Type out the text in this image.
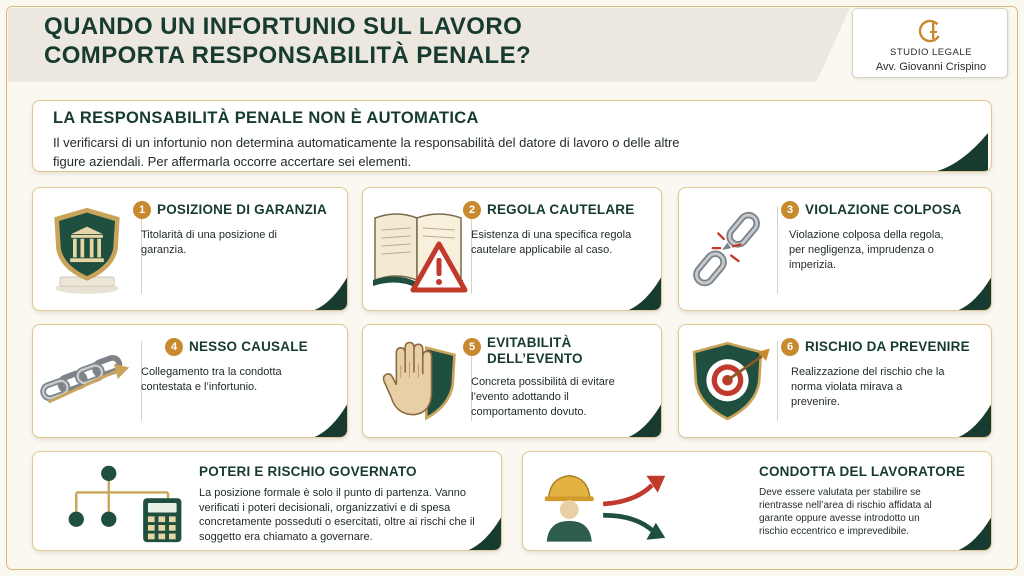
QUANDO UN INFORTUNIO SUL LAVORO
COMPORTA RESPONSABILITÀ PENALE?	STUDIO LEGALE
Avv. Giovanni Crispino
LA RESPONSABILITÀ PENALE NON È AUTOMATICA
Il verificarsi di un infortunio non determina automaticamente la responsabilità del datore di lavoro o delle altre figure aziendali. Per affermarla occorre accertare sei elementi.
1 POSIZIONE DI GARANZIA
Titolarità di una posizione di garanzia.
2 REGOLA CAUTELARE
Esistenza di una specifica regola cautelare applicabile al caso.
3 VIOLAZIONE COLPOSA
Violazione colposa della regola, per negligenza, imprudenza o imperizia.
4 NESSO CAUSALE
Collegamento tra la condotta contestata e l’infortunio.
5 EVITABILITÀ DELL’EVENTO
Concreta possibilità di evitare l’evento adottando il comportamento dovuto.
6 RISCHIO DA PREVENIRE
Realizzazione del rischio che la norma violata mirava a prevenire.
POTERI E RISCHIO GOVERNATO
La posizione formale è solo il punto di partenza. Vanno verificati i poteri decisionali, organizzativi e di spesa concretamente posseduti o esercitati, oltre ai rischi che il soggetto era chiamato a governare.
CONDOTTA DEL LAVORATORE
Deve essere valutata per stabilire se rientrasse nell’area di rischio affidata al garante oppure avesse introdotto un rischio eccentrico e imprevedibile.
